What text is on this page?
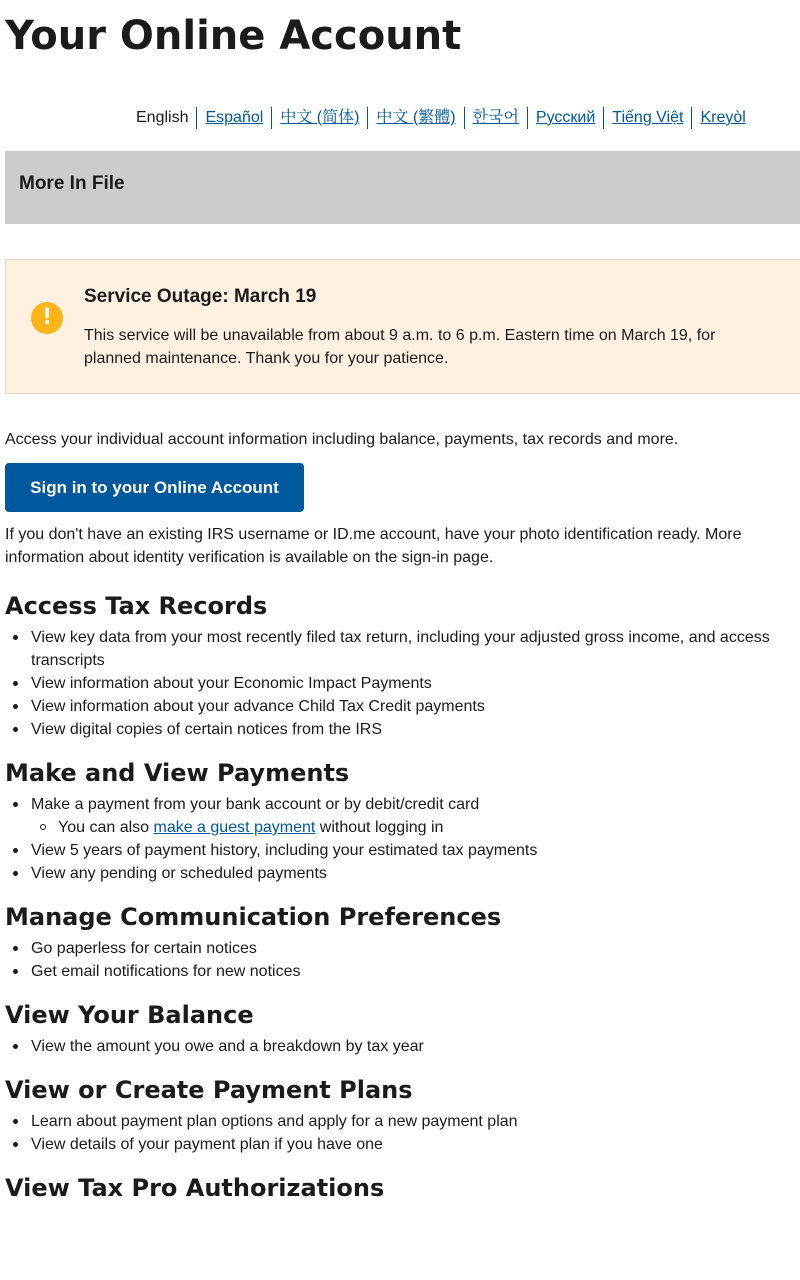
Your Online Account
English	Español	中文 (简体)	中文 (繁體)	한국어	Русский	Tiếng Việt	Kreyòl
More In File
!
Service Outage: March 19

This service will be unavailable from about 9 a.m. to 6 p.m. Eastern time on March 19, for planned maintenance. Thank you for your patience.

Access your individual account information including balance, payments, tax records and more.

Sign in to your Online Account

If you don't have an existing IRS username or ID.me account, have your photo identification ready. More information about identity verification is available on the sign-in page.

Access Tax Records
View key data from your most recently filed tax return, including your adjusted gross income, and access transcripts
View information about your Economic Impact Payments
View information about your advance Child Tax Credit payments
View digital copies of certain notices from the IRS
Make and View Payments
Make a payment from your bank account or by debit/credit card
You can also make a guest payment without logging in
View 5 years of payment history, including your estimated tax payments
View any pending or scheduled payments
Manage Communication Preferences
Go paperless for certain notices
Get email notifications for new notices
View Your Balance
View the amount you owe and a breakdown by tax year
View or Create Payment Plans
Learn about payment plan options and apply for a new payment plan
View details of your payment plan if you have one
View Tax Pro Authorizations
